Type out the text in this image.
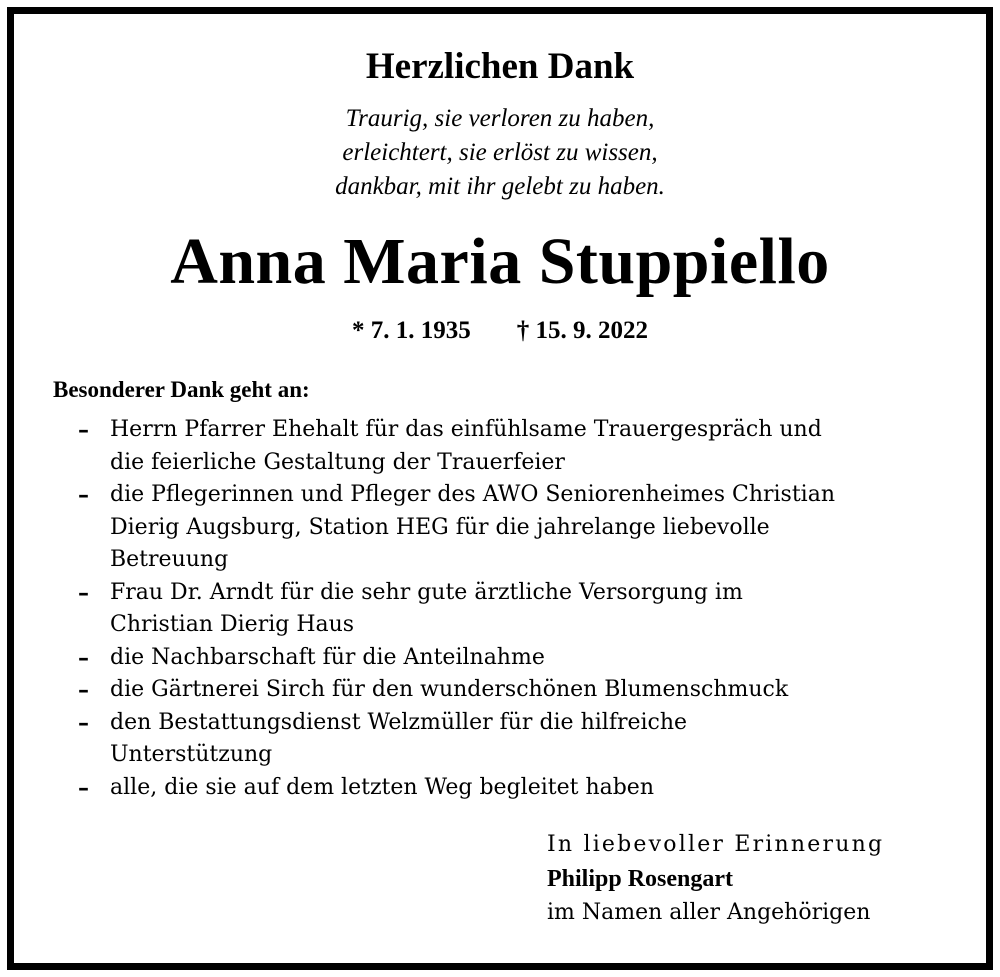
Herzlichen Dank
Traurig, sie verloren zu haben,
erleichtert, sie erlöst zu wissen,
dankbar, mit ihr gelebt zu haben.
Anna Maria Stuppiello
* 7. 1. 1935 † 15. 9. 2022
Besonderer Dank geht an:
– Herrn Pfarrer Ehehalt für das einfühlsame Trauergespräch und
die feierliche Gestaltung der Trauerfeier
– die Pflegerinnen und Pfleger des AWO Seniorenheimes Christian
Dierig Augsburg, Station HEG für die jahrelange liebevolle
Betreuung
– Frau Dr. Arndt für die sehr gute ärztliche Versorgung im
Christian Dierig Haus
– die Nachbarschaft für die Anteilnahme
– die Gärtnerei Sirch für den wunderschönen Blumenschmuck
– den Bestattungsdienst Welzmüller für die hilfreiche
Unterstützung
– alle, die sie auf dem letzten Weg begleitet haben
In liebevoller Erinnerung
Philipp Rosengart
im Namen aller Angehörigen
